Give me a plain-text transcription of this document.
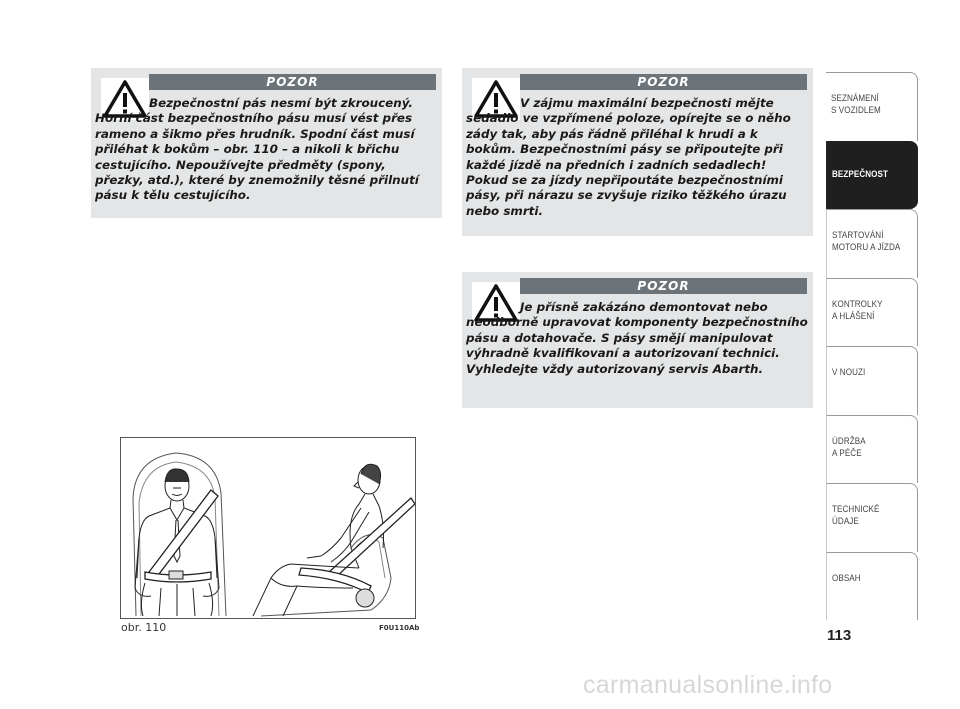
POZOR

Bezpečnostní pás nesmí být zkroucený. Horní část bezpečnostního pásu musí vést přes rameno a šikmo přes hrudník. Spodní část musí přiléhat k bokům – obr. 110 – a nikoli k břichu cestujícího. Nepoužívejte předměty (spony, přezky, atd.), které by znemožnily těsné přilnutí pásu k tělu cestujícího.

POZOR

V zájmu maximální bezpečnosti mějte sedadlo ve vzpřímené poloze, opírejte se o něho zády tak, aby pás řádně přiléhal k hrudi a k bokům. Bezpečnostními pásy se připoutejte při každé jízdě na předních i zadních sedadlech! Pokud se za jízdy nepřipoutáte bezpečnostními pásy, při nárazu se zvyšuje riziko těžkého úrazu nebo smrti.

POZOR

Je přísně zakázáno demontovat nebo neodborně upravovat komponenty bezpečnostního pásu a dotahovače. S pásy smějí manipulovat výhradně kvalifikovaní a autorizovaní technici. Vyhledejte vždy autorizovaný servis Abarth.

obr. 110	F0U110Ab
SEZNÁMENÍ
S VOZIDLEM
BEZPEČNOST
STARTOVÁNÍ
MOTORU A JÍZDA
KONTROLKY
A HLÁŠENÍ
V NOUZI
ÚDRŽBA
A PÉČE
TECHNICKÉ
ÚDAJE
OBSAH
113
carmanualsonline.info
